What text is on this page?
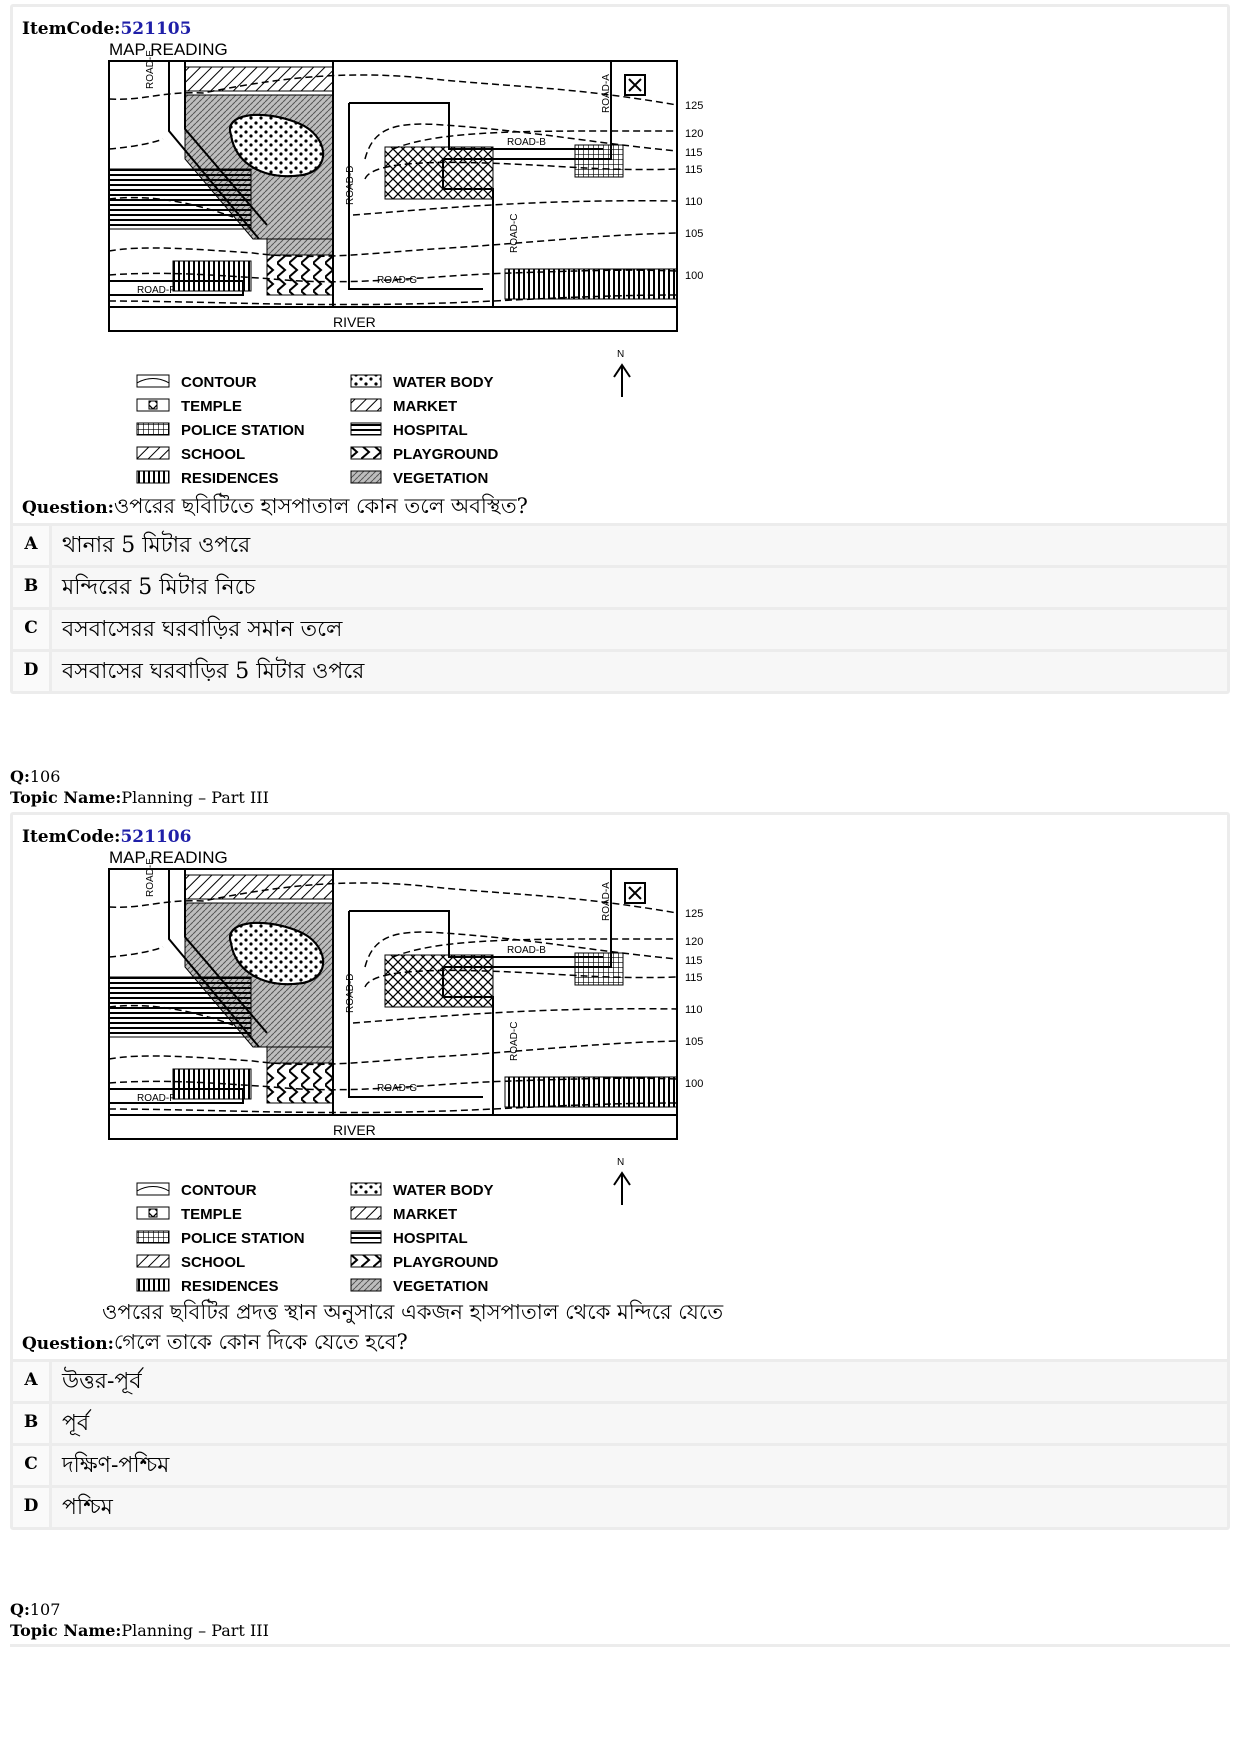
ItemCode:521105
MAP READING
ROAD-E
ROAD-A
ROAD-B
ROAD-D
ROAD-C
ROAD-G
ROAD-F
RIVER
125
120
115
115
110
105
100
N
CONTOUR
TEMPLE
POLICE STATION
SCHOOL
RESIDENCES
WATER BODY
MARKET
HOSPITAL
PLAYGROUND
VEGETATION
Question:ওপরের ছবিটিতে হাসপাতাল কোন তলে অবস্থিত?
A	থানার 5 মিটার ওপরে
B	মন্দিরের 5 মিটার নিচে
C	বসবাসেরর ঘরবাড়ির সমান তলে
D	বসবাসের ঘরবাড়ির 5 মিটার ওপরে
Q:106
Topic Name:Planning – Part III
ItemCode:521106
MAP READING
ROAD-E
ROAD-A
ROAD-B
ROAD-D
ROAD-C
ROAD-G
ROAD-F
RIVER
125
120
115
115
110
105
100
N
CONTOUR
TEMPLE
POLICE STATION
SCHOOL
RESIDENCES
WATER BODY
MARKET
HOSPITAL
PLAYGROUND
VEGETATION
ওপরের ছবিটির প্রদত্ত স্থান অনুসারে একজন হাসপাতাল থেকে মন্দিরে যেতে
Question:গেলে তাকে কোন দিকে যেতে হবে?
A	উত্তর-পূর্ব
B	পূর্ব
C	দক্ষিণ-পশ্চিম
D	পশ্চিম
Q:107
Topic Name:Planning – Part III
